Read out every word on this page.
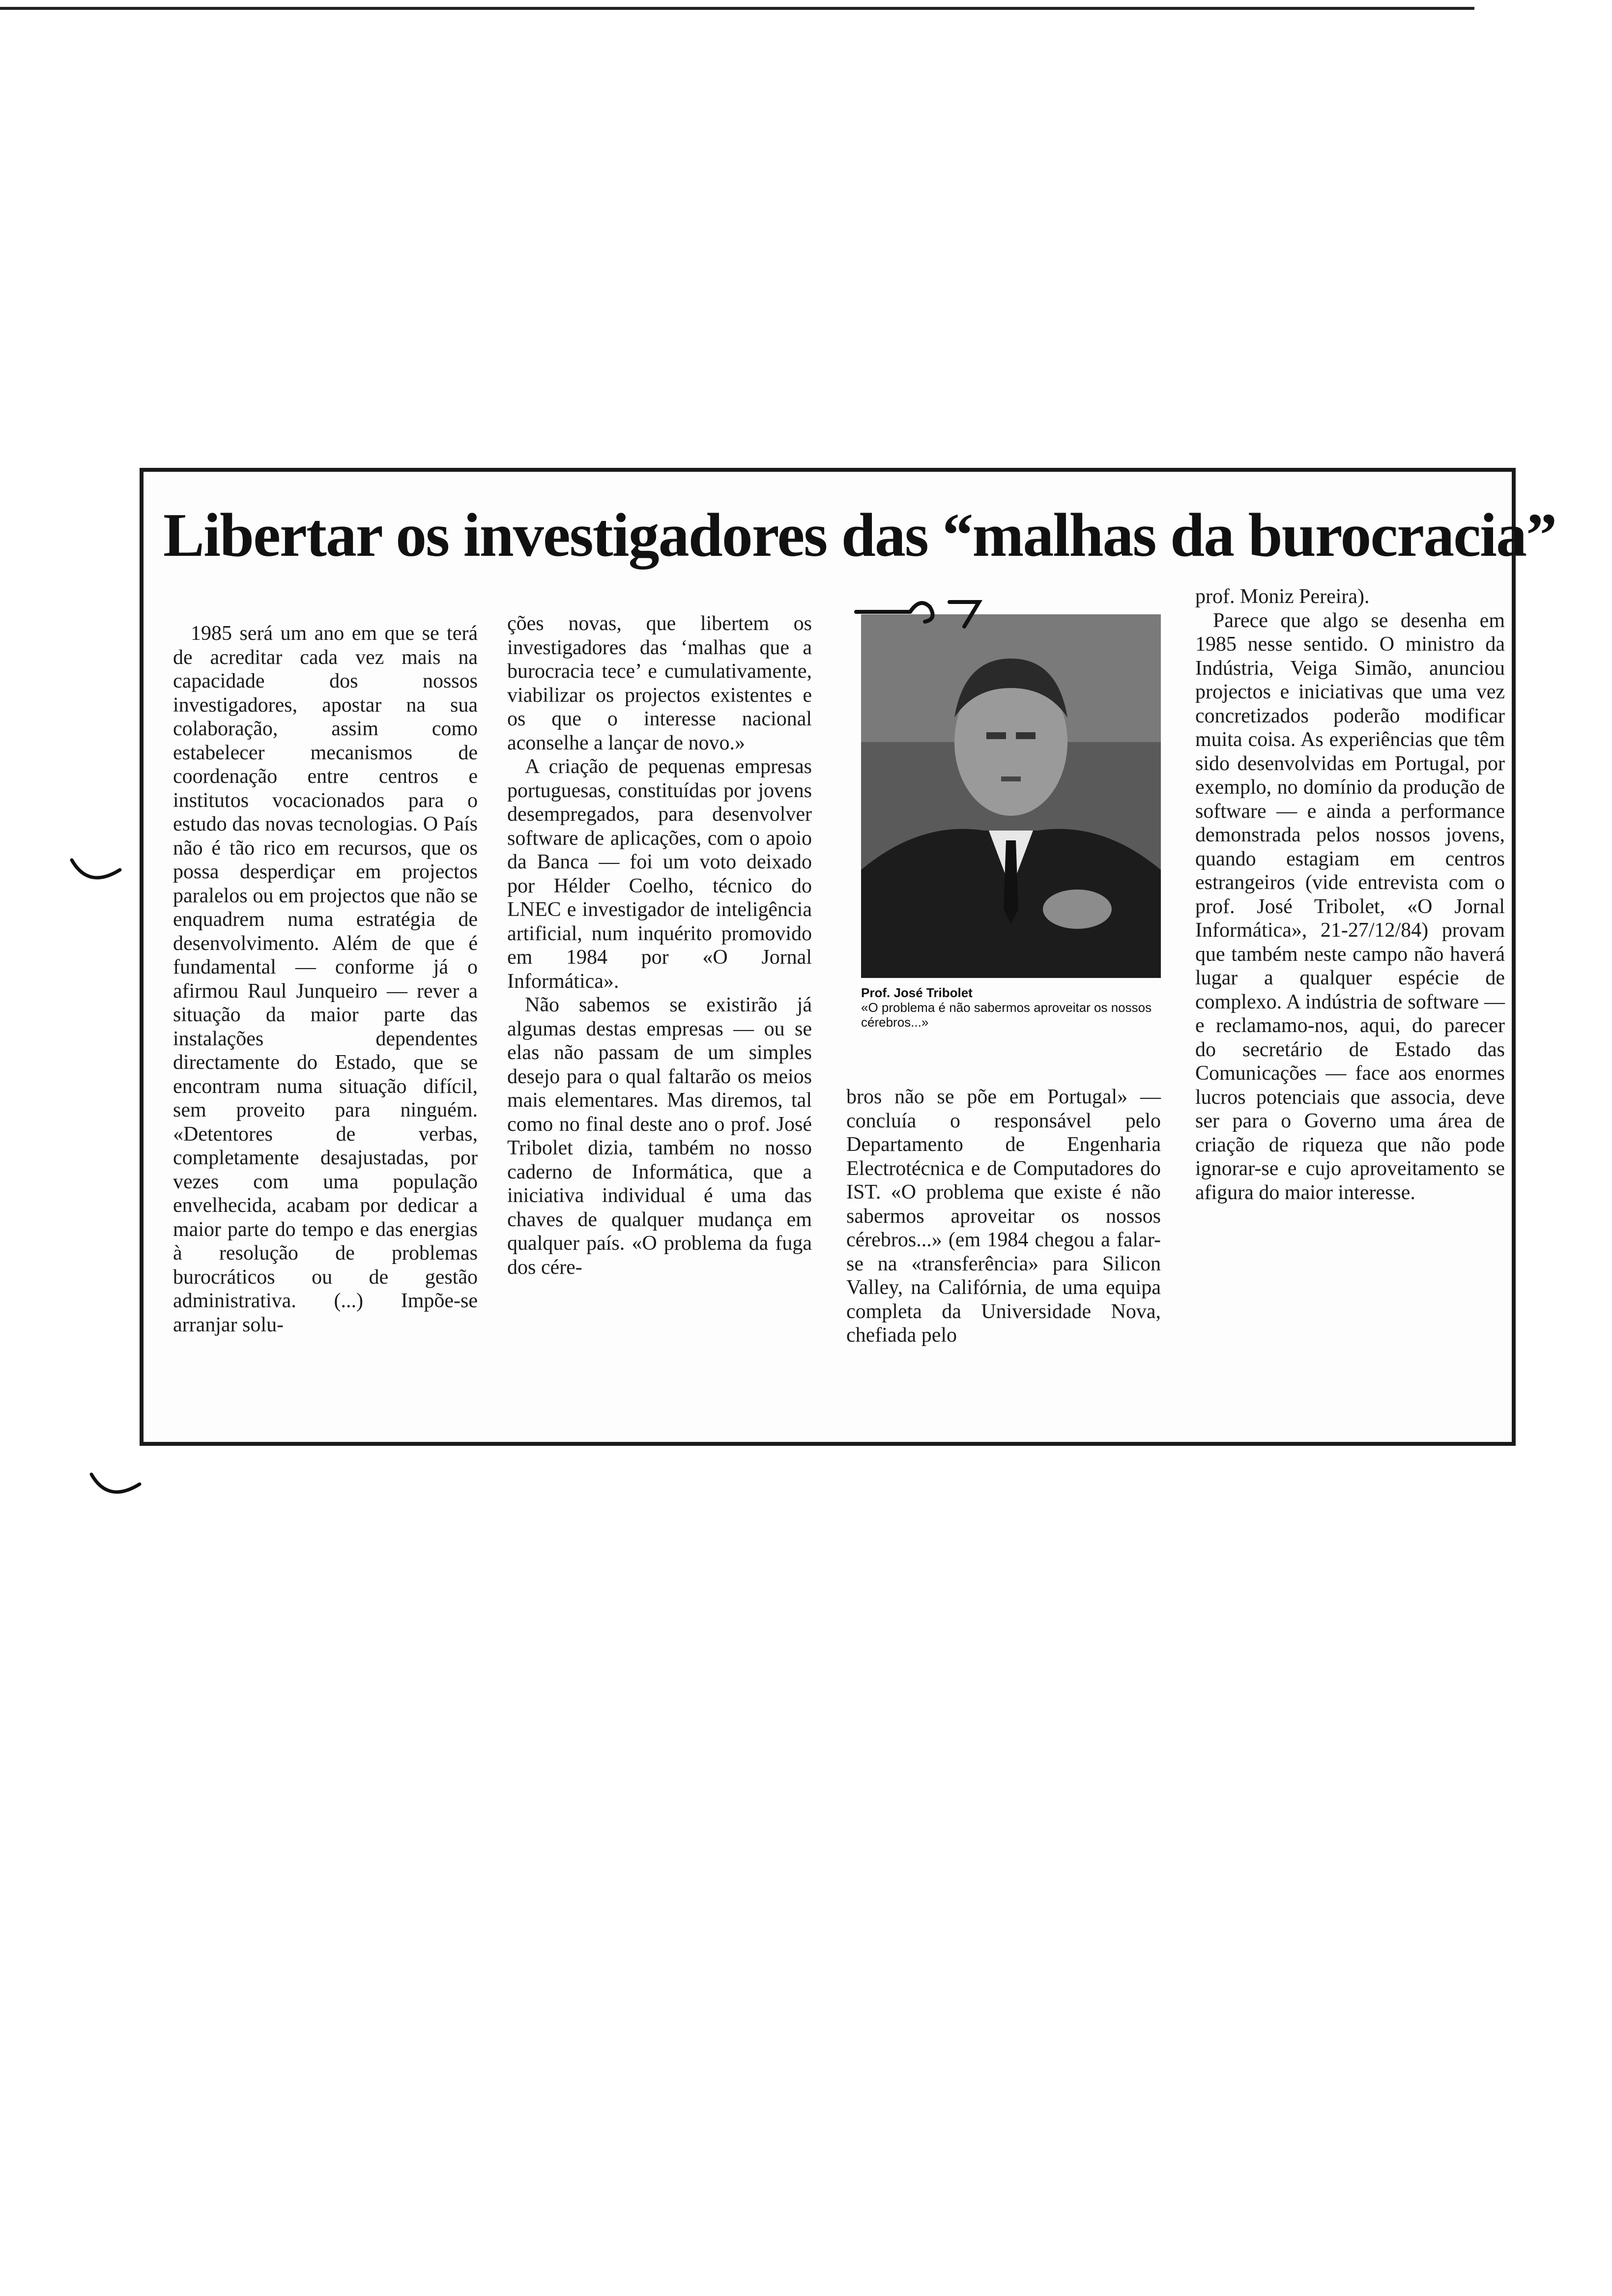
Libertar os investigadores das “malhas da burocracia”

1985 será um ano em que se terá de acreditar cada vez mais na capacidade dos nossos investigadores, apostar na sua colaboração, assim como estabelecer mecanismos de coordenação entre centros e institutos vocacionados para o estudo das novas tecnologias. O País não é tão rico em recursos, que os possa desperdiçar em projectos paralelos ou em projectos que não se enquadrem numa estratégia de desenvolvimento. Além de que é fundamental — conforme já o afirmou Raul Junqueiro — rever a situação da maior parte das instalações dependentes directamente do Estado, que se encontram numa situação difícil, sem proveito para ninguém. «Detentores de verbas, completamente desajustadas, por vezes com uma população envelhecida, acabam por dedicar a maior parte do tempo e das energias à resolução de problemas burocráticos ou de gestão administrativa. (...) Impõe-se arranjar solu-

ções novas, que libertem os investigadores das ‘malhas que a burocracia tece’ e cumulativamente, viabilizar os projectos existentes e os que o interesse nacional aconselhe a lançar de novo.»

A criação de pequenas empresas portuguesas, constituídas por jovens desempregados, para desenvolver software de aplicações, com o apoio da Banca — foi um voto deixado por Hélder Coelho, técnico do LNEC e investigador de inteligência artificial, num inquérito promovido em 1984 por «O Jornal Informática».

Não sabemos se existirão já algumas destas empresas — ou se elas não passam de um simples desejo para o qual faltarão os meios mais elementares. Mas diremos, tal como no final deste ano o prof. José Tribolet dizia, também no nosso caderno de Informática, que a iniciativa individual é uma das chaves de qualquer mudança em qualquer país. «O problema da fuga dos cére-

Prof. José Tribolet
«O problema é não sabermos aproveitar os nossos cérebros...»

bros não se põe em Portugal» — concluía o responsável pelo Departamento de Engenharia Electrotécnica e de Computadores do IST. «O problema que existe é não sabermos aproveitar os nossos cérebros...» (em 1984 chegou a falar-se na «transferência» para Silicon Valley, na Califórnia, de uma equipa completa da Universidade Nova, chefiada pelo

prof. Moniz Pereira).

Parece que algo se desenha em 1985 nesse sentido. O ministro da Indústria, Veiga Simão, anunciou projectos e iniciativas que uma vez concretizados poderão modificar muita coisa. As experiências que têm sido desenvolvidas em Portugal, por exemplo, no domínio da produção de software — e ainda a performance demonstrada pelos nossos jovens, quando estagiam em centros estrangeiros (vide entrevista com o prof. José Tribolet, «O Jornal Informática», 21-27/12/84) provam que também neste campo não haverá lugar a qualquer espécie de complexo. A indústria de software — e reclamamo-nos, aqui, do parecer do secretário de Estado das Comunicações — face aos enormes lucros potenciais que associa, deve ser para o Governo uma área de criação de riqueza que não pode ignorar-se e cujo aproveitamento se afigura do maior interesse.
